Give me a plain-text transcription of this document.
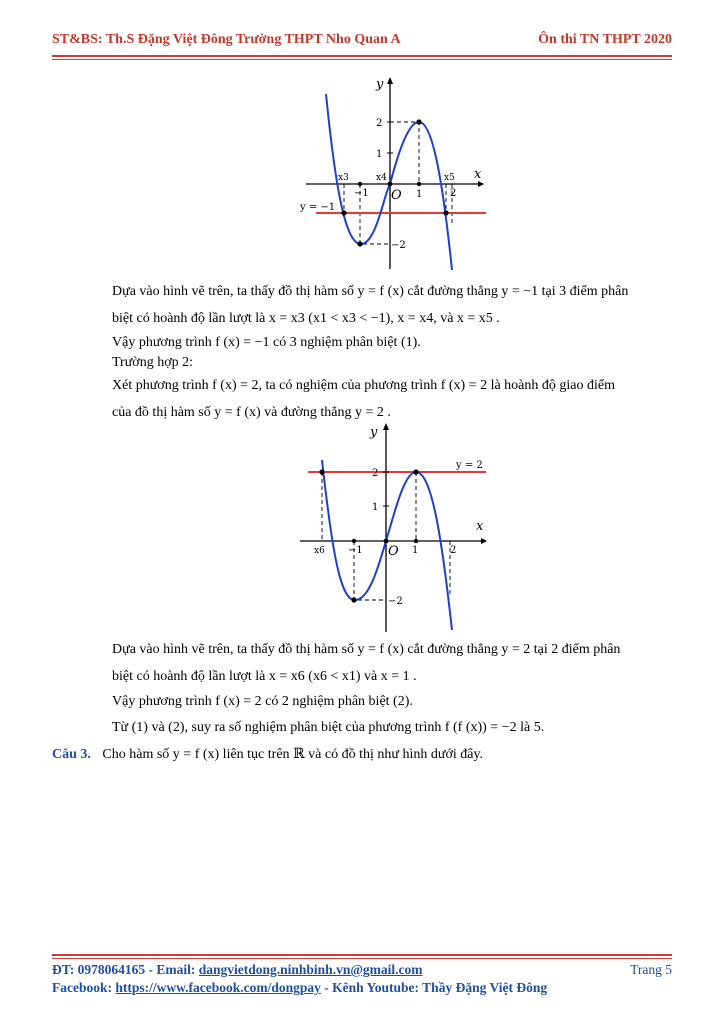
ST&BS: Th.S Đặng Việt Đông Trường THPT Nho Quan A	Ôn thi TN THPT 2020
y
x
O
x3	x4
−1	1
x5
2
2
1
−2
y = −1
Dựa vào hình vẽ trên, ta thấy đồ thị hàm số y = f (x) cắt đường thẳng y = −1 tại 3 điểm phân
biệt có hoành độ lần lượt là x = x3 (x1 < x3 < −1), x = x4, và x = x5 .
Vậy phương trình f (x) = −1 có 3 nghiệm phân biệt (1).
Trường hợp 2:
Xét phương trình f (x) = 2, ta có nghiệm của phương trình f (x) = 2 là hoành độ giao điểm
của đồ thị hàm số y = f (x) và đường thẳng y = 2 .
y
x
O
x6 −1	1	2
2
1
−2
y = 2
Dựa vào hình vẽ trên, ta thấy đồ thị hàm số y = f (x) cắt đường thẳng y = 2 tại 2 điểm phân
biệt có hoành độ lần lượt là x = x6 (x6 < x1) và x = 1 .
Vậy phương trình f (x) = 2 có 2 nghiệm phân biệt (2).
Từ (1) và (2), suy ra số nghiệm phân biệt của phương trình f (f (x)) = −2 là 5.
Câu 3. Cho hàm số y = f (x) liên tục trên ℝ và có đồ thị như hình dưới đây.
ĐT: 0978064165 - Email: dangvietdong.ninhbinh.vn@gmail.com	Trang 5
Facebook: https://www.facebook.com/dongpay - Kênh Youtube: Thầy Đặng Việt Đông
